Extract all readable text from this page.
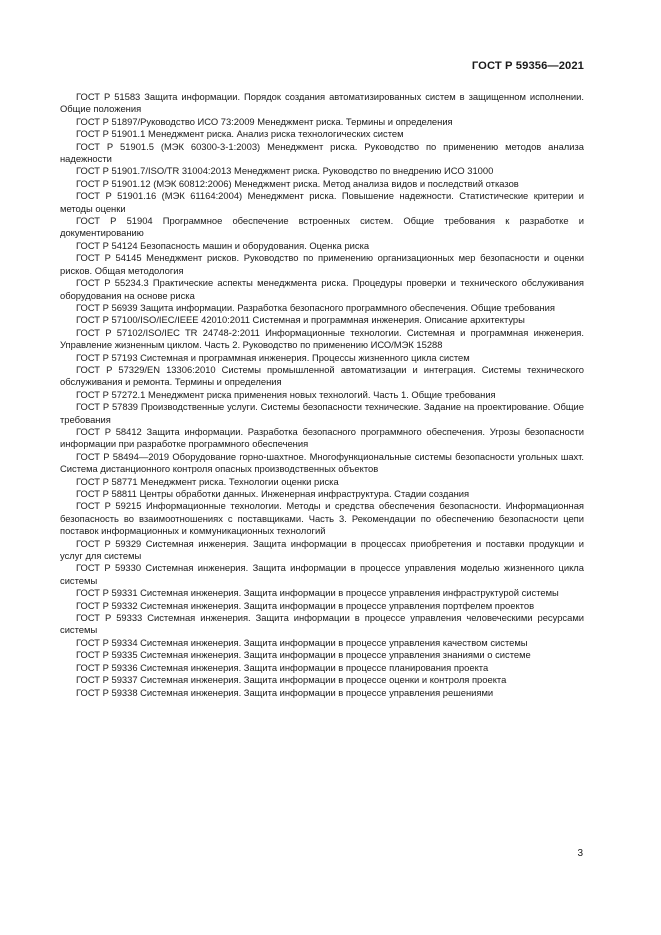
ГОСТ Р 59356—2021
ГОСТ Р 51583 Защита информации. Порядок создания автоматизированных систем в защищенном исполнении. Общие положения
ГОСТ Р 51897/Руководство ИСО 73:2009 Менеджмент риска. Термины и определения
ГОСТ Р 51901.1 Менеджмент риска. Анализ риска технологических систем
ГОСТ Р 51901.5 (МЭК 60300-3-1:2003) Менеджмент риска. Руководство по применению методов анализа надежности
ГОСТ Р 51901.7/ISO/TR 31004:2013 Менеджмент риска. Руководство по внедрению ИСО 31000
ГОСТ Р 51901.12 (МЭК 60812:2006) Менеджмент риска. Метод анализа видов и последствий отказов
ГОСТ Р 51901.16 (МЭК 61164:2004) Менеджмент риска. Повышение надежности. Статистические критерии и методы оценки
ГОСТ Р 51904 Программное обеспечение встроенных систем. Общие требования к разработке и документированию
ГОСТ Р 54124 Безопасность машин и оборудования. Оценка риска
ГОСТ Р 54145 Менеджмент рисков. Руководство по применению организационных мер безопасности и оценки рисков. Общая методология
ГОСТ Р 55234.3 Практические аспекты менеджмента риска. Процедуры проверки и технического обслуживания оборудования на основе риска
ГОСТ Р 56939 Защита информации. Разработка безопасного программного обеспечения. Общие требования
ГОСТ Р 57100/ISO/IEC/IEEE 42010:2011 Системная и программная инженерия. Описание архитектуры
ГОСТ Р 57102/ISO/IEC TR 24748-2:2011 Информационные технологии. Системная и программная инженерия. Управление жизненным циклом. Часть 2. Руководство по применению ИСО/МЭК 15288
ГОСТ Р 57193 Системная и программная инженерия. Процессы жизненного цикла систем
ГОСТ Р 57329/EN 13306:2010 Системы промышленной автоматизации и интеграция. Системы технического обслуживания и ремонта. Термины и определения
ГОСТ Р 57272.1 Менеджмент риска применения новых технологий. Часть 1. Общие требования
ГОСТ Р 57839 Производственные услуги. Системы безопасности технические. Задание на проектирование. Общие требования
ГОСТ Р 58412 Защита информации. Разработка безопасного программного обеспечения. Угрозы безопасности информации при разработке программного обеспечения
ГОСТ Р 58494—2019 Оборудование горно-шахтное. Многофункциональные системы безопасности угольных шахт. Система дистанционного контроля опасных производственных объектов
ГОСТ Р 58771 Менеджмент риска. Технологии оценки риска
ГОСТ Р 58811 Центры обработки данных. Инженерная инфраструктура. Стадии создания
ГОСТ Р 59215 Информационные технологии. Методы и средства обеспечения безопасности. Информационная безопасность во взаимоотношениях с поставщиками. Часть 3. Рекомендации по обеспечению безопасности цепи поставок информационных и коммуникационных технологий
ГОСТ Р 59329 Системная инженерия. Защита информации в процессах приобретения и поставки продукции и услуг для системы
ГОСТ Р 59330 Системная инженерия. Защита информации в процессе управления моделью жизненного цикла системы
ГОСТ Р 59331 Системная инженерия. Защита информации в процессе управления инфраструктурой системы
ГОСТ Р 59332 Системная инженерия. Защита информации в процессе управления портфелем проектов
ГОСТ Р 59333 Системная инженерия. Защита информации в процессе управления человеческими ресурсами системы
ГОСТ Р 59334 Системная инженерия. Защита информации в процессе управления качеством системы
ГОСТ Р 59335 Системная инженерия. Защита информации в процессе управления знаниями о системе
ГОСТ Р 59336 Системная инженерия. Защита информации в процессе планирования проекта
ГОСТ Р 59337 Системная инженерия. Защита информации в процессе оценки и контроля проекта
ГОСТ Р 59338 Системная инженерия. Защита информации в процессе управления решениями
3
